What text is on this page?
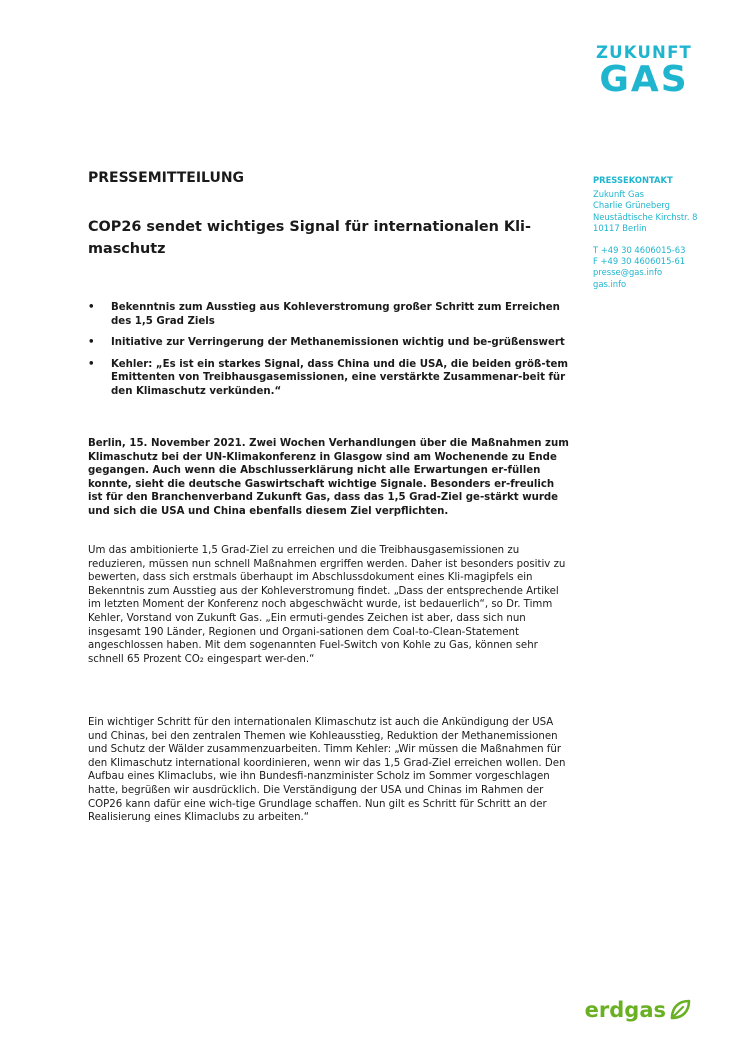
ZUKUNFT
GAS
PRESSEMITTEILUNG
COP26 sendet wichtiges Signal für internationalen Kli-maschutz
PRESSEKONTAKT
Zukunft Gas
Charlie Grüneberg
Neustädtische Kirchstr. 8
10117 Berlin
T +49 30 4606015-63
F +49 30 4606015-61
presse@gas.info
gas.info
• Bekenntnis zum Ausstieg aus Kohleverstromung großer Schritt zum Erreichen des 1,5 Grad Ziels
• Initiative zur Verringerung der Methanemissionen wichtig und be-grüßenswert
• Kehler: „Es ist ein starkes Signal, dass China und die USA, die beiden größ-tem Emittenten von Treibhausgasemissionen, eine verstärkte Zusammenar-beit für den Klimaschutz verkünden.“

Berlin, 15. November 2021. Zwei Wochen Verhandlungen über die Maßnahmen zum Klimaschutz bei der UN-Klimakonferenz in Glasgow sind am Wochenende zu Ende gegangen. Auch wenn die Abschlusserklärung nicht alle Erwartungen er-füllen konnte, sieht die deutsche Gaswirtschaft wichtige Signale. Besonders er-freulich ist für den Branchenverband Zukunft Gas, dass das 1,5 Grad-Ziel ge-stärkt wurde und sich die USA und China ebenfalls diesem Ziel verpflichten.

Um das ambitionierte 1,5 Grad-Ziel zu erreichen und die Treibhausgasemissionen zu reduzieren, müssen nun schnell Maßnahmen ergriffen werden. Daher ist besonders positiv zu bewerten, dass sich erstmals überhaupt im Abschlussdokument eines Kli-magipfels ein Bekenntnis zum Ausstieg aus der Kohleverstromung findet. „Dass der entsprechende Artikel im letzten Moment der Konferenz noch abgeschwächt wurde, ist bedauerlich“, so Dr. Timm Kehler, Vorstand von Zukunft Gas. „Ein ermuti-gendes Zeichen ist aber, dass sich nun insgesamt 190 Länder, Regionen und Organi-sationen dem Coal-to-Clean-Statement angeschlossen haben. Mit dem sogenannten Fuel-Switch von Kohle zu Gas, können sehr schnell 65 Prozent CO₂ eingespart wer-den.“

Ein wichtiger Schritt für den internationalen Klimaschutz ist auch die Ankündigung der USA und Chinas, bei den zentralen Themen wie Kohleausstieg, Reduktion der Methanemissionen und Schutz der Wälder zusammenzuarbeiten. Timm Kehler: „Wir müssen die Maßnahmen für den Klimaschutz international koordinieren, wenn wir das 1,5 Grad-Ziel erreichen wollen. Den Aufbau eines Klimaclubs, wie ihn Bundesfi-nanzminister Scholz im Sommer vorgeschlagen hatte, begrüßen wir ausdrücklich. Die Verständigung der USA und Chinas im Rahmen der COP26 kann dafür eine wich-tige Grundlage schaffen. Nun gilt es Schritt für Schritt an der Realisierung eines Klimaclubs zu arbeiten.“

erdgas
